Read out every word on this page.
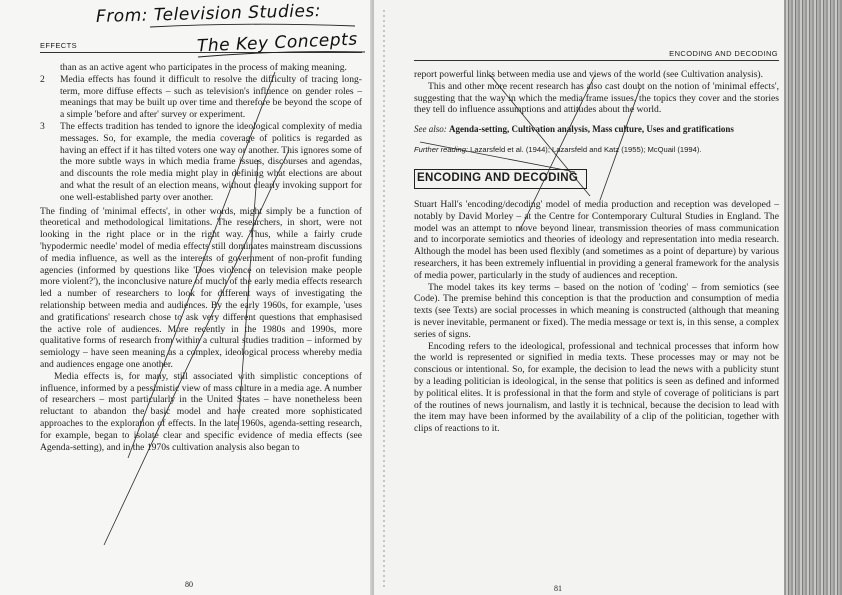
EFFECTS

than as an active agent who participates in the process of making meaning.

2 Media effects has found it difficult to resolve the difficulty of tracing long-term, more diffuse effects – such as television's influence on gender roles – meanings that may be built up over time and therefore be beyond the scope of a simple 'before and after' survey or experiment.

3 The effects tradition has tended to ignore the ideological complexity of media messages. So, for example, the media coverage of politics is regarded as having an effect if it has tilted voters one way or another. This ignores some of the more subtle ways in which media frame issues, discourses and agendas, and discounts the role media might play in defining what elections are about and what the result of an election means, without clearly invoking support for one well-established party over another.

The finding of 'minimal effects', in other words, might simply be a function of theoretical and methodological limitations. The researchers, in short, were not looking in the right place or in the right way. Thus, while a fairly crude 'hypodermic needle' model of media effects still dominates mainstream discussions of media influence, as well as the interests of government of non-profit funding agencies (informed by questions like 'Does violence on television make people more violent?'), the inconclusive nature of much of the early media effects research led a number of researchers to look for different ways of investigating the relationship between media and audiences. By the early 1960s, for example, 'uses and gratifications' research chose to ask very different questions that emphasised the active role of audiences. More recently in the 1980s and 1990s, more qualitative forms of research from within a cultural studies tradition – informed by semiology – have seen meaning as a complex, ideological process whereby media and audiences engage one another.

Media effects is, for many, still associated with simplistic conceptions of influence, informed by a pessimistic view of mass culture in a media age. A number of researchers – most particularly in the United States – have nonetheless been reluctant to abandon the basic model and have created more sophisticated approaches to the exploration of effects. In the late 1960s, agenda-setting research, for example, began to isolate clear and specific evidence of media effects (see Agenda-setting), and in the 1970s cultivation analysis also began to

80
ENCODING AND DECODING

report powerful links between media use and views of the world (see Cultivation analysis).

This and other more recent research has also cast doubt on the notion of 'minimal effects', suggesting that the way in which the media frame issues, the topics they cover and the stories they tell do influence assumptions and attitudes about the world.

See also: Agenda-setting, Cultivation analysis, Mass culture, Uses and gratifications

Further reading: Lazarsfeld et al. (1944); Lazarsfeld and Katz (1955); McQuail (1994).

ENCODING AND DECODING

Stuart Hall's 'encoding/decoding' model of media production and reception was developed – notably by David Morley – at the Centre for Contemporary Cultural Studies in England. The model was an attempt to move beyond linear, transmission theories of mass communication and to incorporate semiotics and theories of ideology and representation into media research. Although the model has been used flexibly (and sometimes as a point of departure) by various researchers, it has been extremely influential in providing a general framework for the analysis of media power, particularly in the study of audiences and reception.

The model takes its key terms – based on the notion of 'coding' – from semiotics (see Code). The premise behind this conception is that the production and consumption of media texts (see Texts) are social processes in which meaning is constructed (although that meaning is never inevitable, permanent or fixed). The media message or text is, in this sense, a complex series of signs.

Encoding refers to the ideological, professional and technical processes that inform how the world is represented or signified in media texts. These processes may or may not be conscious or intentional. So, for example, the decision to lead the news with a publicity stunt by a leading politician is ideological, in the sense that politics is seen as defined and informed by political elites. It is professional in that the form and style of coverage of politicians is part of the routines of news journalism, and lastly it is technical, because the decision to lead with the item may have been informed by the availability of a clip of the politician, together with clips of reactions to it.

81
From: Television Studies:
The Key Concepts
